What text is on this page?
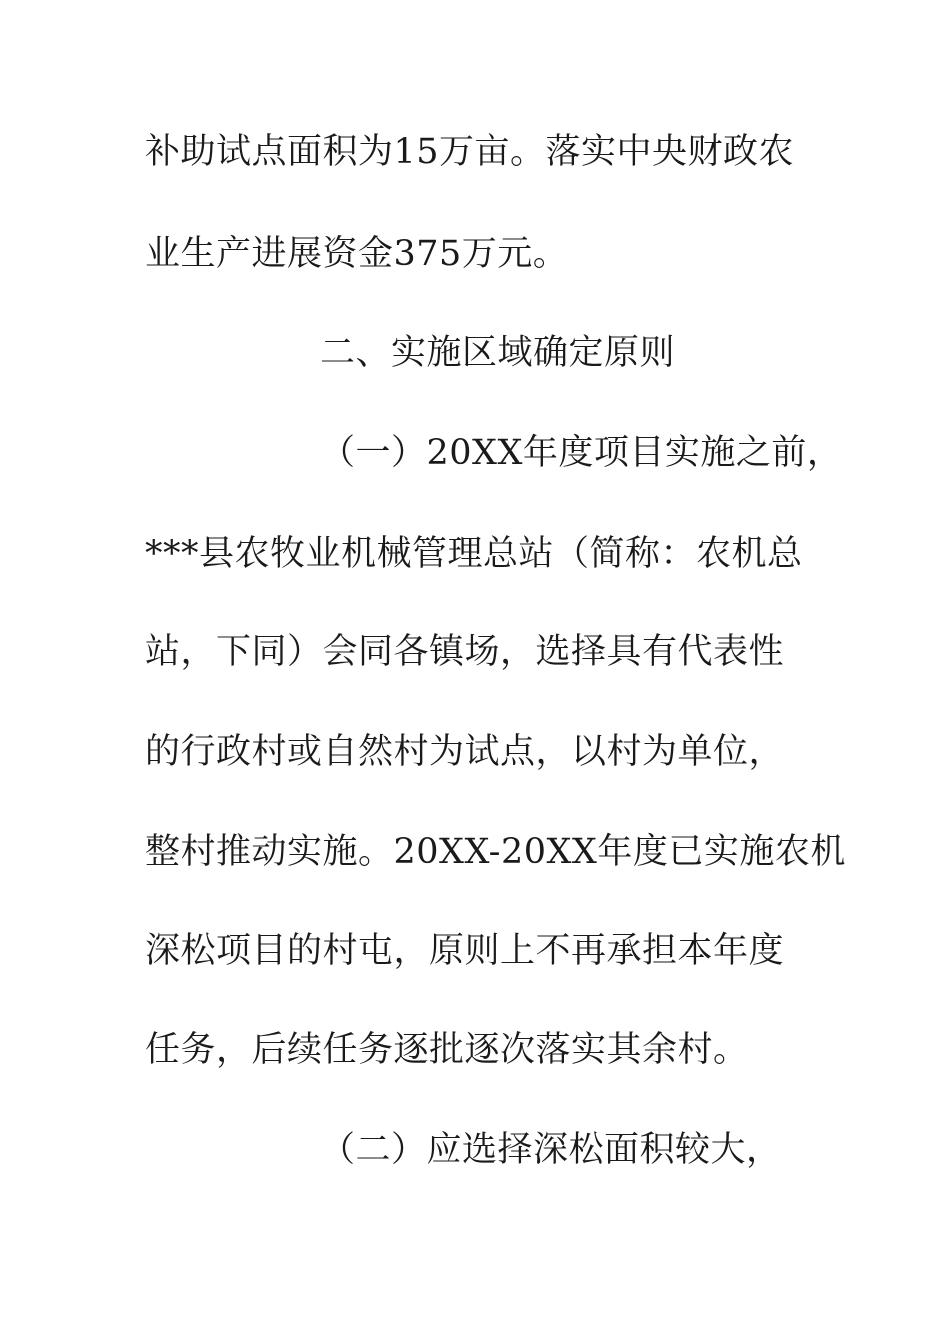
补助试点面积为15万亩。落实中央财政农
业生产进展资金375万元。
二、实施区域确定原则
（一）20XX年度项目实施之前，
***县农牧业机械管理总站（简称：农机总
站，下同）会同各镇场，选择具有代表性
的行政村或自然村为试点，以村为单位，
整村推动实施。20XX-20XX年度已实施农机
深松项目的村屯，原则上不再承担本年度
任务，后续任务逐批逐次落实其余村。
（二）应选择深松面积较大，
